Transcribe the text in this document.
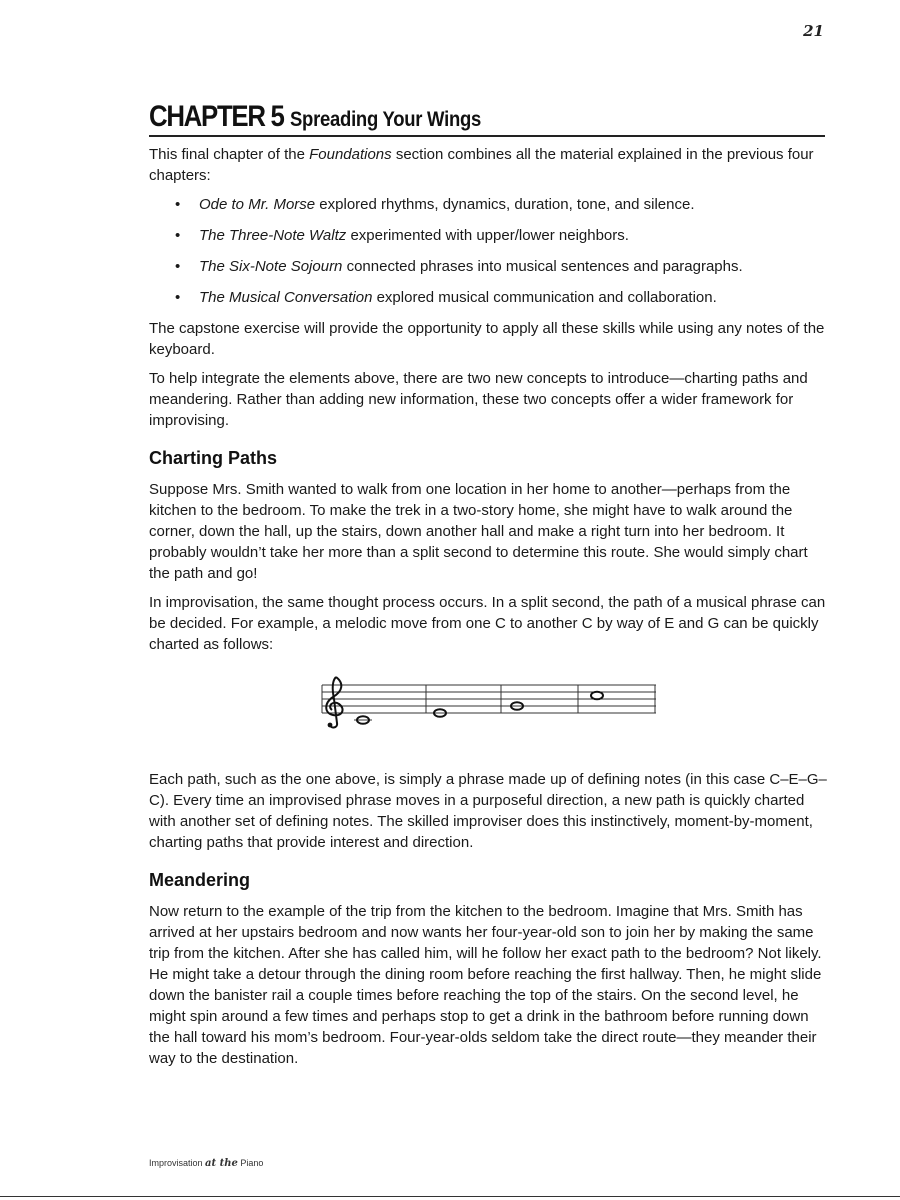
21
CHAPTER 5 Spreading Your Wings

This final chapter of the Foundations section combines all the material explained in the previous four chapters:

• Ode to Mr. Morse explored rhythms, dynamics, duration, tone, and silence.
• The Three-Note Waltz experimented with upper/lower neighbors.
• The Six-Note Sojourn connected phrases into musical sentences and paragraphs.
• The Musical Conversation explored musical communication and collaboration.

The capstone exercise will provide the opportunity to apply all these skills while using any notes of the keyboard.

To help integrate the elements above, there are two new concepts to introduce—charting paths and meandering. Rather than adding new information, these two concepts offer a wider framework for improvising.

Charting Paths

Suppose Mrs. Smith wanted to walk from one location in her home to another—perhaps from the kitchen to the bedroom. To make the trek in a two-story home, she might have to walk around the corner, down the hall, up the stairs, down another hall and make a right turn into her bedroom. It probably wouldn’t take her more than a split second to determine this route. She would simply chart the path and go!

In improvisation, the same thought process occurs. In a split second, the path of a musical phrase can be decided. For example, a melodic move from one C to another C by way of E and G can be quickly charted as follows:

Each path, such as the one above, is simply a phrase made up of defining notes (in this case C–E–G–C). Every time an improvised phrase moves in a purposeful direction, a new path is quickly charted with another set of defining notes. The skilled improviser does this instinctively, moment-by-moment, charting paths that provide interest and direction.

Meandering

Now return to the example of the trip from the kitchen to the bedroom. Imagine that Mrs. Smith has arrived at her upstairs bedroom and now wants her four-year-old son to join her by making the same trip from the kitchen. After she has called him, will he follow her exact path to the bedroom? Not likely. He might take a detour through the dining room before reaching the first hallway. Then, he might slide down the banister rail a couple times before reaching the top of the stairs. On the second level, he might spin around a few times and perhaps stop to get a drink in the bathroom before running down the hall toward his mom’s bedroom. Four-year-olds seldom take the direct route—they meander their way to the destination.

Improvisation at the Piano
